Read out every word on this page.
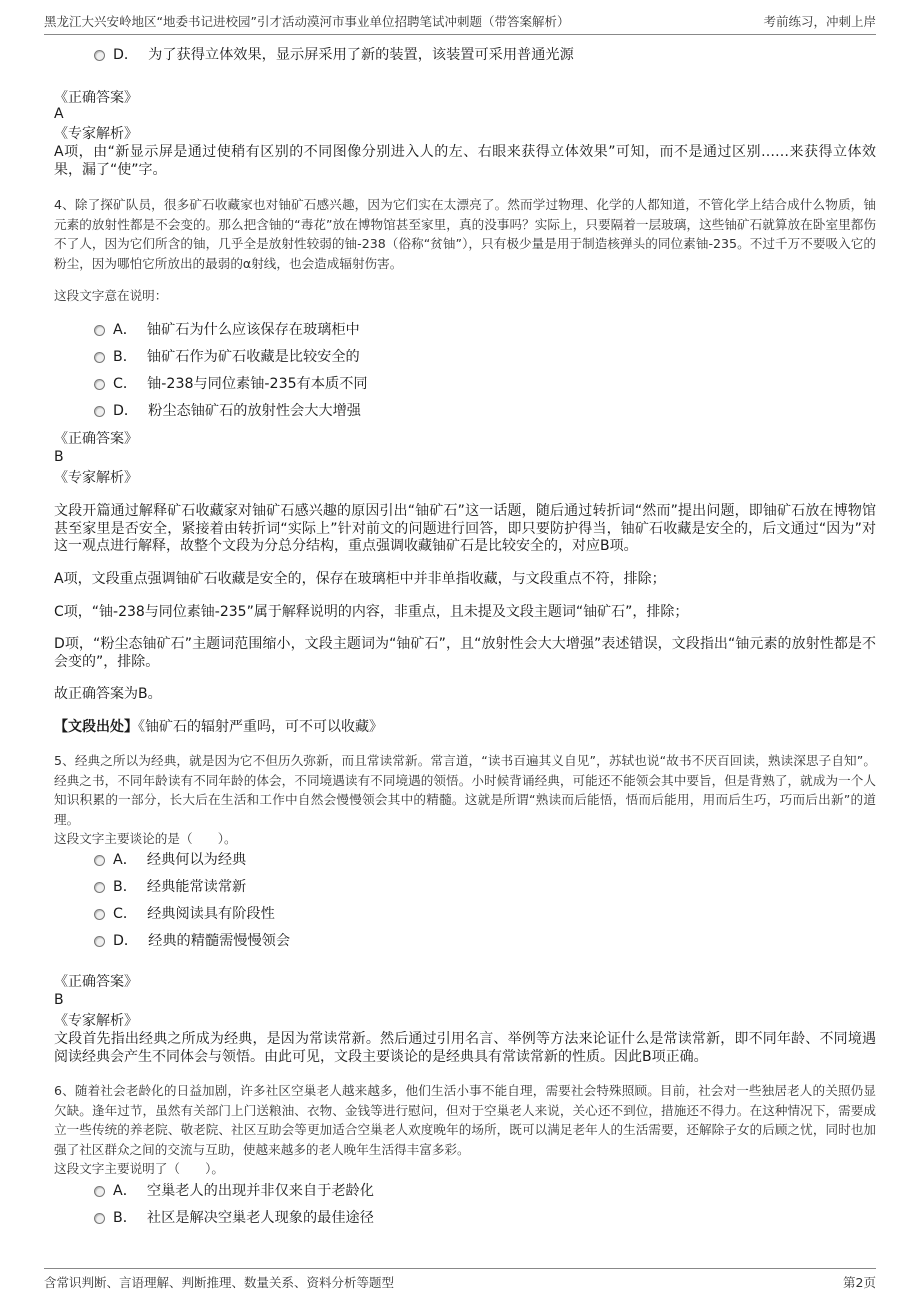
黑龙江大兴安岭地区“地委书记进校园”引才活动漠河市事业单位招聘笔试冲刺题（带答案解析）	考前练习，冲刺上岸
D． 为了获得立体效果，显示屏采用了新的装置，该装置可采用普通光源
《正确答案》
A
《专家解析》
A项，由“新显示屏是通过使稍有区别的不同图像分别进入人的左、右眼来获得立体效果”可知，而不是通过区别……来获得立体效果，漏了“使”字。
4、除了探矿队员，很多矿石收藏家也对铀矿石感兴趣，因为它们实在太漂亮了。然而学过物理、化学的人都知道，不管化学上结合成什么物质，铀元素的放射性都是不会变的。那么把含铀的“毒花”放在博物馆甚至家里，真的没事吗？实际上，只要隔着一层玻璃，这些铀矿石就算放在卧室里都伤不了人，因为它们所含的铀，几乎全是放射性较弱的铀-238（俗称“贫铀”），只有极少量是用于制造核弹头的同位素铀-235。不过千万不要吸入它的粉尘，因为哪怕它所放出的最弱的α射线，也会造成辐射伤害。
这段文字意在说明：
A． 铀矿石为什么应该保存在玻璃柜中
B． 铀矿石作为矿石收藏是比较安全的
C． 铀-238与同位素铀-235有本质不同
D． 粉尘态铀矿石的放射性会大大增强
《正确答案》
B
《专家解析》
文段开篇通过解释矿石收藏家对铀矿石感兴趣的原因引出“铀矿石”这一话题，随后通过转折词“然而”提出问题，即铀矿石放在博物馆甚至家里是否安全，紧接着由转折词“实际上”针对前文的问题进行回答，即只要防护得当，铀矿石收藏是安全的，后文通过“因为”对这一观点进行解释，故整个文段为分总分结构，重点强调收藏铀矿石是比较安全的，对应B项。
A项，文段重点强调铀矿石收藏是安全的，保存在玻璃柜中并非单指收藏，与文段重点不符，排除；
C项，“铀-238与同位素铀-235”属于解释说明的内容，非重点，且未提及文段主题词“铀矿石”，排除；
D项，“粉尘态铀矿石”主题词范围缩小，文段主题词为“铀矿石”，且“放射性会大大增强”表述错误，文段指出“铀元素的放射性都是不会变的”，排除。
故正确答案为B。
【文段出处】《铀矿石的辐射严重吗，可不可以收藏》
5、经典之所以为经典，就是因为它不但历久弥新，而且常读常新。常言道，“读书百遍其义自见”，苏轼也说“故书不厌百回读，熟读深思子自知”。经典之书，不同年龄读有不同年龄的体会，不同境遇读有不同境遇的领悟。小时候背诵经典，可能还不能领会其中要旨，但是背熟了，就成为一个人知识积累的一部分，长大后在生活和工作中自然会慢慢领会其中的精髓。这就是所谓“熟读而后能悟，悟而后能用，用而后生巧，巧而后出新”的道理。
这段文字主要谈论的是（　　）。
A． 经典何以为经典
B． 经典能常读常新
C． 经典阅读具有阶段性
D． 经典的精髓需慢慢领会
《正确答案》
B
《专家解析》
文段首先指出经典之所成为经典，是因为常读常新。然后通过引用名言、举例等方法来论证什么是常读常新，即不同年龄、不同境遇阅读经典会产生不同体会与领悟。由此可见，文段主要谈论的是经典具有常读常新的性质。因此B项正确。
6、随着社会老龄化的日益加剧，许多社区空巢老人越来越多，他们生活小事不能自理，需要社会特殊照顾。目前，社会对一些独居老人的关照仍显欠缺。逢年过节，虽然有关部门上门送粮油、衣物、金钱等进行慰问，但对于空巢老人来说，关心还不到位，措施还不得力。在这种情况下，需要成立一些传统的养老院、敬老院、社区互助会等更加适合空巢老人欢度晚年的场所，既可以满足老年人的生活需要，还解除子女的后顾之忧，同时也加强了社区群众之间的交流与互助，使越来越多的老人晚年生活得丰富多彩。
这段文字主要说明了（　　）。
A． 空巢老人的出现并非仅来自于老龄化
B． 社区是解决空巢老人现象的最佳途径
含常识判断、言语理解、判断推理、数量关系、资料分析等题型	第2页
